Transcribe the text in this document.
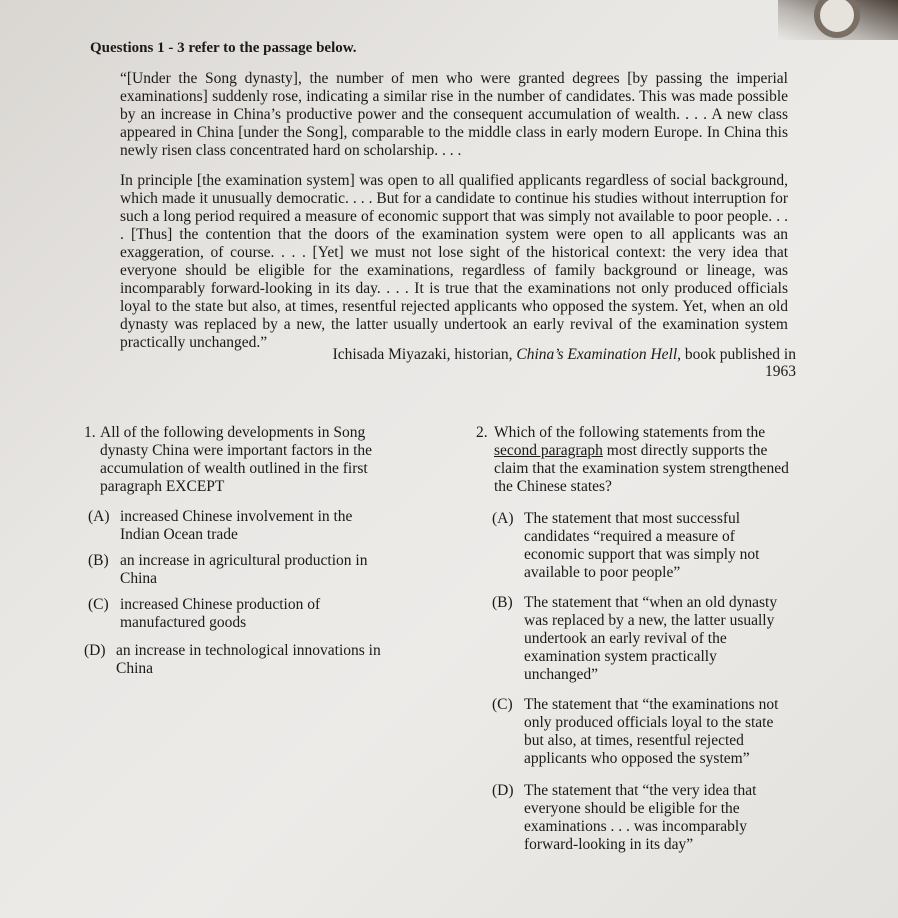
Questions 1 - 3 refer to the passage below.

“[Under the Song dynasty], the number of men who were granted degrees [by passing the imperial examinations] suddenly rose, indicating a similar rise in the number of candidates. This was made possible by an increase in China’s productive power and the consequent accumulation of wealth. . . . A new class appeared in China [under the Song], comparable to the middle class in early modern Europe. In China this newly risen class concentrated hard on scholarship. . . .

In principle [the examination system] was open to all qualified applicants regardless of social background, which made it unusually democratic. . . . But for a candidate to continue his studies without interruption for such a long period required a measure of economic support that was simply not available to poor people. . . . [Thus] the contention that the doors of the examination system were open to all applicants was an exaggeration, of course. . . . [Yet] we must not lose sight of the historical context: the very idea that everyone should be eligible for the examinations, regardless of family background or lineage, was incomparably forward-looking in its day. . . . It is true that the examinations not only produced officials loyal to the state but also, at times, resentful rejected applicants who opposed the system. Yet, when an old dynasty was replaced by a new, the latter usually undertook an early revival of the examination system practically unchanged.”

Ichisada Miyazaki, historian, China’s Examination Hell, book published in
1963
1. All of the following developments in Song dynasty China were important factors in the accumulation of wealth outlined in the first paragraph EXCEPT
(A) increased Chinese involvement in the Indian Ocean trade
(B) an increase in agricultural production in China
(C) increased Chinese production of manufactured goods
(D) an increase in technological innovations in China
2. Which of the following statements from the second paragraph most directly supports the claim that the examination system strengthened the Chinese states?
(A) The statement that most successful candidates “required a measure of economic support that was simply not available to poor people”
(B) The statement that “when an old dynasty was replaced by a new, the latter usually undertook an early revival of the examination system practically unchanged”
(C) The statement that “the examinations not only produced officials loyal to the state but also, at times, resentful rejected applicants who opposed the system”
(D) The statement that “the very idea that everyone should be eligible for the examinations . . . was incomparably forward-looking in its day”
